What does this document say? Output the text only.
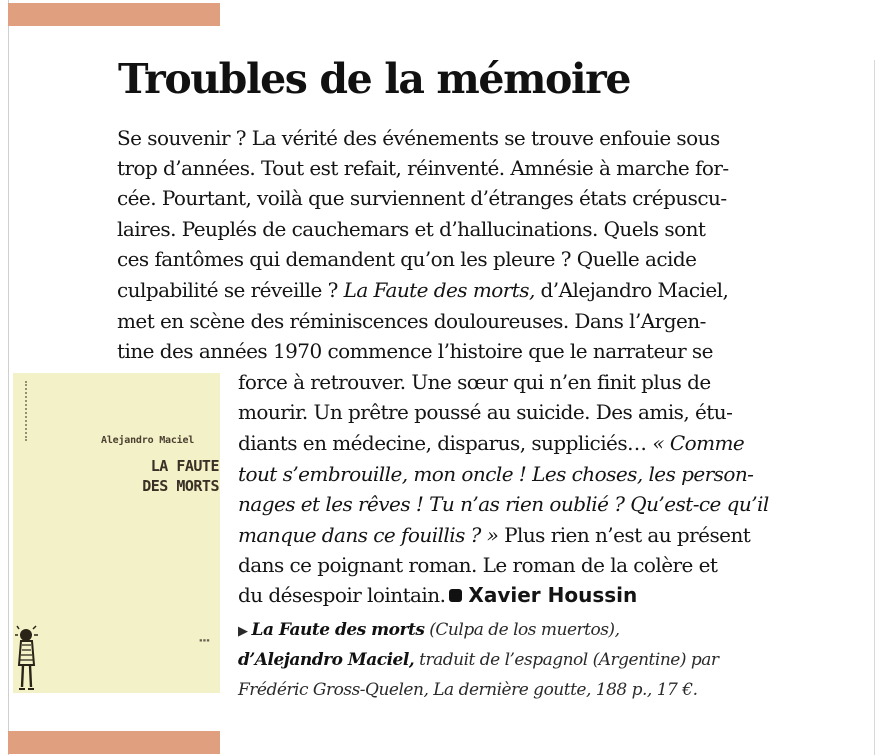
Troubles de la mémoire
Se souvenir ? La vérité des événements se trouve enfouie sous
trop d’années. Tout est refait, réinventé. Amnésie à marche for-
cée. Pourtant, voilà que surviennent d’étranges états crépuscu-
laires. Peuplés de cauchemars et d’hallucinations. Quels sont
ces fantômes qui demandent qu’on les pleure ? Quelle acide
culpabilité se réveille ? La Faute des morts, d’Alejandro Maciel,
met en scène des réminiscences douloureuses. Dans l’Argen-
tine des années 1970 commence l’histoire que le narrateur se
force à retrouver. Une sœur qui n’en finit plus de
mourir. Un prêtre poussé au suicide. Des amis, étu-
diants en médecine, disparus, suppliciés… « Comme
tout s’embrouille, mon oncle ! Les choses, les person-
nages et les rêves ! Tu n’as rien oublié ? Qu’est-ce qu’il
manque dans ce fouillis ? » Plus rien n’est au présent
dans ce poignant roman. Le roman de la colère et
du désespoir lointain. Xavier Houssin
▶ La Faute des morts (Culpa de los muertos),
d’Alejandro Maciel, traduit de l’espagnol (Argentine) par
Frédéric Gross-Quelen, La dernière goutte, 188 p., 17 €.
Alejandro Maciel
LA FAUTE
DES MORTS
▪▪▪
